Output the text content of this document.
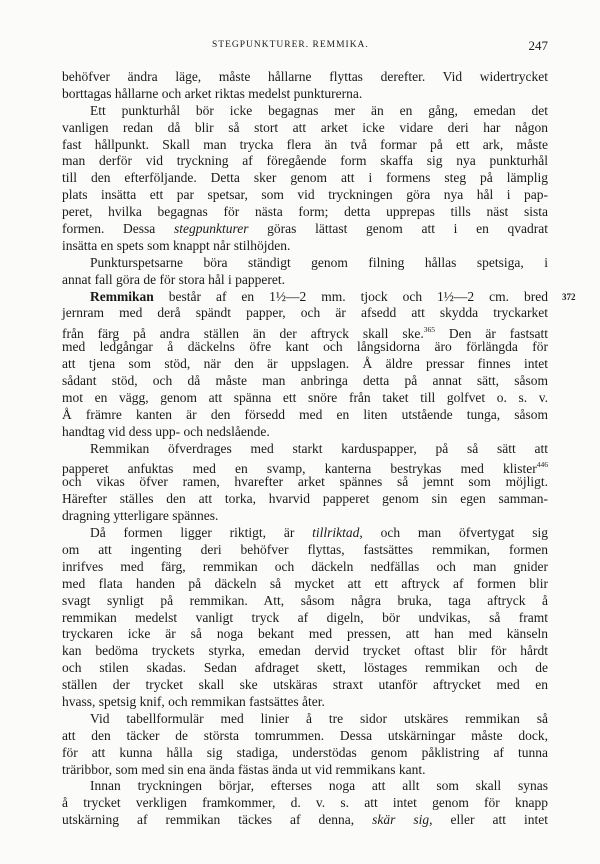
STEGPUNKTURER. REMMIKA.	247
behöfver ändra läge, måste hållarne flyttas derefter. Vid widertrycket
borttagas hållarne och arket riktas medelst punkturerna.
Ett punkturhål bör icke begagnas mer än en gång, emedan det
vanligen redan då blir så stort att arket icke vidare deri har någon
fast hållpunkt. Skall man trycka flera än två formar på ett ark, måste
man derför vid tryckning af föregående form skaffa sig nya punkturhål
till den efterföljande. Detta sker genom att i formens steg på lämplig
plats insätta ett par spetsar, som vid tryckningen göra nya hål i pap-
peret, hvilka begagnas för nästa form; detta upprepas tills näst sista
formen. Dessa stegpunkturer göras lättast genom att i en qvadrat
insätta en spets som knappt når stilhöjden.
Punkturspetsarne böra ständigt genom filning hållas spetsiga, i
annat fall göra de för stora hål i papperet.
Remmikan består af en 1½—2 mm. tjock och 1½—2 cm. bred
jernram med derå spändt papper, och är afsedd att skydda tryckarket
från färg på andra ställen än der aftryck skall ske.$^{365}$ Den är fastsatt
med ledgångar å däckelns öfre kant och långsidorna äro förlängda för
att tjena som stöd, när den är uppslagen. Å äldre pressar finnes intet
sådant stöd, och då måste man anbringa detta på annat sätt, såsom
mot en vägg, genom att spänna ett snöre från taket till golfvet o. s. v.
Å främre kanten är den försedd med en liten utstående tunga, såsom
handtag vid dess upp- och nedslående.
Remmikan öfverdrages med starkt karduspapper, på så sätt att
papperet anfuktas med en svamp, kanterna bestrykas med klister$^{446}$
och vikas öfver ramen, hvarefter arket spännes så jemnt som möjligt.
Härefter ställes den att torka, hvarvid papperet genom sin egen samman-
dragning ytterligare spännes.
Då formen ligger riktigt, är tillriktad, och man öfvertygat sig
om att ingenting deri behöfver flyttas, fastsättes remmikan, formen
inrifves med färg, remmikan och däckeln nedfällas och man gnider
med flata handen på däckeln så mycket att ett aftryck af formen blir
svagt synligt på remmikan. Att, såsom några bruka, taga aftryck å
remmikan medelst vanligt tryck af digeln, bör undvikas, så framt
tryckaren icke är så noga bekant med pressen, att han med känseln
kan bedöma tryckets styrka, emedan dervid trycket oftast blir för hårdt
och stilen skadas. Sedan afdraget skett, löstages remmikan och de
ställen der trycket skall ske utskäras straxt utanför aftrycket med en
hvass, spetsig knif, och remmikan fastsättes åter.
Vid tabellformulär med linier å tre sidor utskäres remmikan så
att den täcker de största tomrummen. Dessa utskärningar måste dock,
för att kunna hålla sig stadiga, understödas genom påklistring af tunna
träribbor, som med sin ena ända fästas ända ut vid remmikans kant.
Innan tryckningen börjar, efterses noga att allt som skall synas
å trycket verkligen framkommer, d. v. s. att intet genom för knapp
utskärning af remmikan täckes af denna, skär sig, eller att intet
372
